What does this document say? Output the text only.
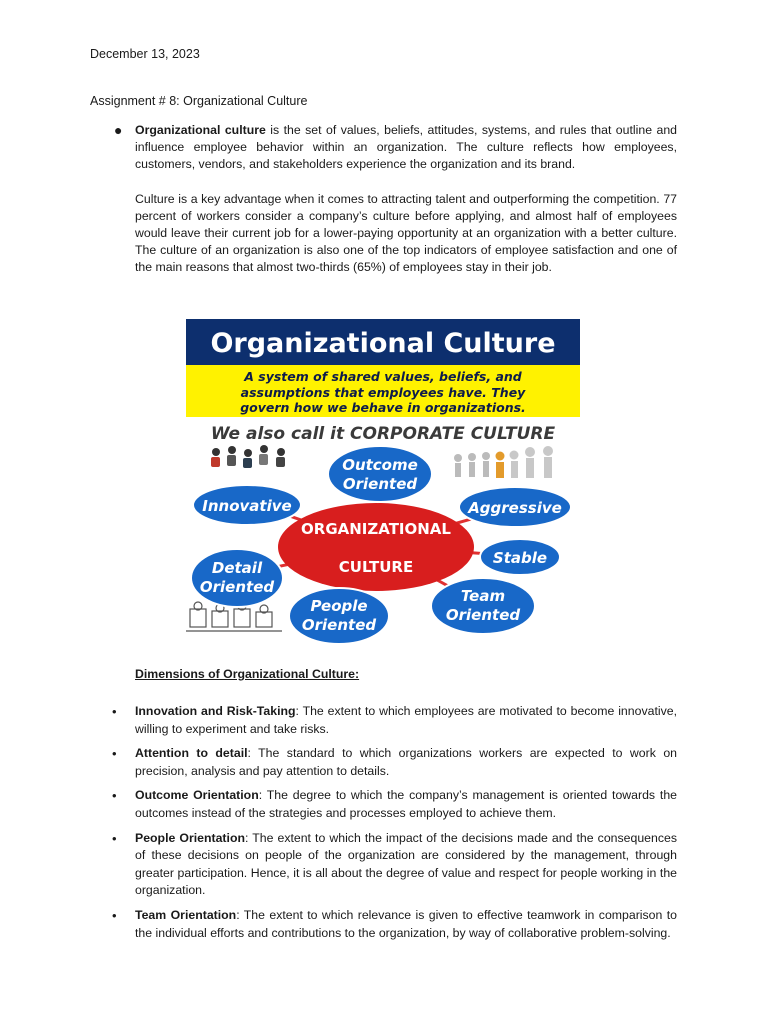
December 13, 2023
Assignment # 8: Organizational Culture
● Organizational culture is the set of values, beliefs, attitudes, systems, and rules that outline and influence employee behavior within an organization. The culture reflects how employees, customers, vendors, and stakeholders experience the organization and its brand.

Culture is a key advantage when it comes to attracting talent and outperforming the competition. 77 percent of workers consider a company’s culture before applying, and almost half of employees would leave their current job for a lower-paying opportunity at an organization with a better culture. The culture of an organization is also one of the top indicators of employee satisfaction and one of the main reasons that almost two-thirds (65%) of employees stay in their job.

Organizational Culture
A system of shared values, beliefs, and
assumptions that employees have. They
govern how we behave in organizations.
We also call it CORPORATE CULTURE
ORGANIZATIONAL
CULTURE
Outcome
Oriented
Innovative	Aggressive
Stable
Detail
Oriented
People
Oriented
Team
Oriented
Dimensions of Organizational Culture:
• Innovation and Risk-Taking: The extent to which employees are motivated to become innovative, willing to experiment and take risks.
• Attention to detail: The standard to which organizations workers are expected to work on precision, analysis and pay attention to details.
• Outcome Orientation: The degree to which the company’s management is oriented towards the outcomes instead of the strategies and processes employed to achieve them.
• People Orientation: The extent to which the impact of the decisions made and the consequences of these decisions on people of the organization are considered by the management, through greater participation. Hence, it is all about the degree of value and respect for people working in the organization.
• Team Orientation: The extent to which relevance is given to effective teamwork in comparison to the individual efforts and contributions to the organization, by way of collaborative problem-solving.
